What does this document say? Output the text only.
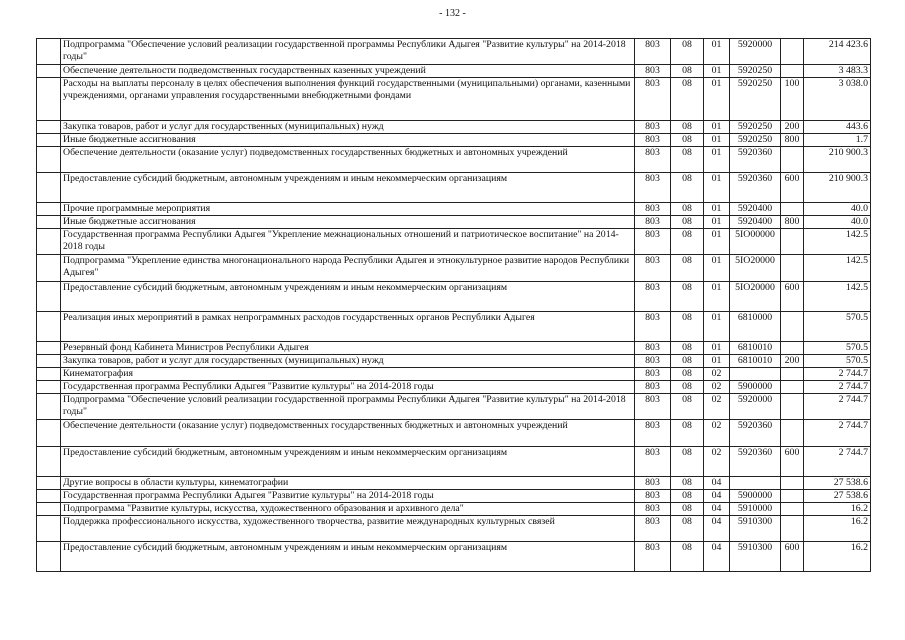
- 132 -
	Подпрограмма "Обеспечение условий реализации государственной программы Республики Адыгея "Развитие культуры" на 2014-2018 годы"	803	08	01	5920000		214 423.6
	Обеспечение деятельности подведомственных государственных казенных учреждений	803	08	01	5920250		3 483.3
	Расходы на выплаты персоналу в целях обеспечения выполнения функций государственными (муниципальными) органами, казенными учреждениями, органами управления государственными внебюджетными фондами	803	08	01	5920250	100	3 038.0
	Закупка товаров, работ и услуг для государственных (муниципальных) нужд	803	08	01	5920250	200	443.6
	Иные бюджетные ассигнования	803	08	01	5920250	800	1.7
	Обеспечение деятельности (оказание услуг) подведомственных государственных бюджетных и автономных учреждений	803	08	01	5920360		210 900.3
	Предоставление субсидий бюджетным, автономным учреждениям и иным некоммерческим организациям	803	08	01	5920360	600	210 900.3
	Прочие программные мероприятия	803	08	01	5920400		40.0
	Иные бюджетные ассигнования	803	08	01	5920400	800	40.0
	Государственная программа Республики Адыгея "Укрепление межнациональных отношений и патриотическое воспитание" на 2014-2018 годы	803	08	01	5IO00000		142.5
	Подпрограмма "Укрепление единства многонационального народа Республики Адыгея и этнокультурное развитие народов Республики Адыгея"	803	08	01	5IO20000		142.5
	Предоставление субсидий бюджетным, автономным учреждениям и иным некоммерческим организациям	803	08	01	5IO20000	600	142.5
	Реализация иных мероприятий в рамках непрограммных расходов государственных органов Республики Адыгея	803	08	01	6810000		570.5
	Резервный фонд Кабинета Министров Республики Адыгея	803	08	01	6810010		570.5
	Закупка товаров, работ и услуг для государственных (муниципальных) нужд	803	08	01	6810010	200	570.5
	Кинематография	803	08	02			2 744.7
	Государственная программа Республики Адыгея "Развитие культуры" на 2014-2018 годы	803	08	02	5900000		2 744.7
	Подпрограмма "Обеспечение условий реализации государственной программы Республики Адыгея "Развитие культуры" на 2014-2018 годы"	803	08	02	5920000		2 744.7
	Обеспечение деятельности (оказание услуг) подведомственных государственных бюджетных и автономных учреждений	803	08	02	5920360		2 744.7
	Предоставление субсидий бюджетным, автономным учреждениям и иным некоммерческим организациям	803	08	02	5920360	600	2 744.7
	Другие вопросы в области культуры, кинематографии	803	08	04			27 538.6
	Государственная программа Республики Адыгея "Развитие культуры" на 2014-2018 годы	803	08	04	5900000		27 538.6
	Подпрограмма "Развитие культуры, искусства, художественного образования и архивного дела"	803	08	04	5910000		16.2
	Поддержка профессионального искусства, художественного творчества, развитие международных культурных связей	803	08	04	5910300		16.2
	Предоставление субсидий бюджетным, автономным учреждениям и иным некоммерческим организациям	803	08	04	5910300	600	16.2
